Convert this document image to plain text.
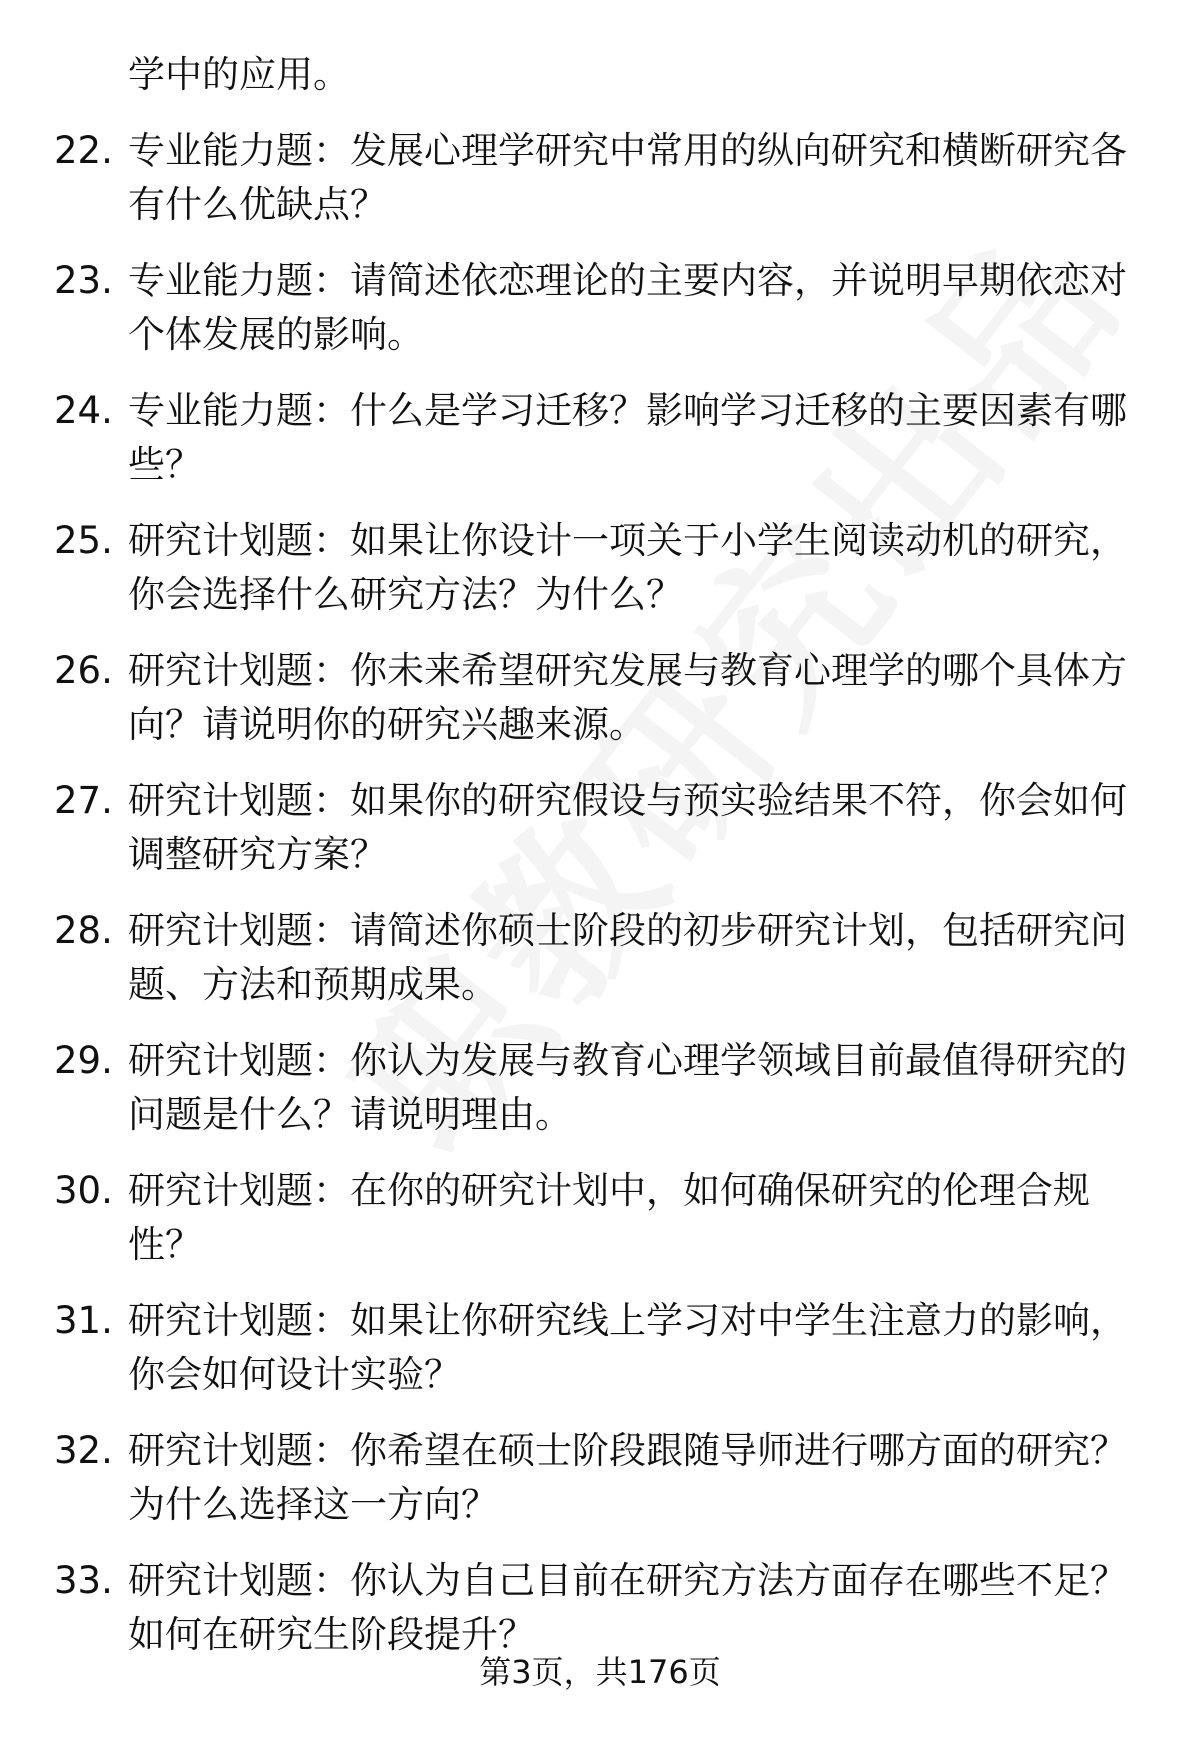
学中的应用。
22. 专业能力题：发展心理学研究中常用的纵向研究和横断研究各有什么优缺点？
23. 专业能力题：请简述依恋理论的主要内容，并说明早期依恋对个体发展的影响。
24. 专业能力题：什么是学习迁移？影响学习迁移的主要因素有哪些？
25. 研究计划题：如果让你设计一项关于小学生阅读动机的研究，你会选择什么研究方法？为什么？
26. 研究计划题：你未来希望研究发展与教育心理学的哪个具体方向？请说明你的研究兴趣来源。
27. 研究计划题：如果你的研究假设与预实验结果不符，你会如何调整研究方案？
28. 研究计划题：请简述你硕士阶段的初步研究计划，包括研究问题、方法和预期成果。
29. 研究计划题：你认为发展与教育心理学领域目前最值得研究的问题是什么？请说明理由。
30. 研究计划题：在你的研究计划中，如何确保研究的伦理合规性？
31. 研究计划题：如果让你研究线上学习对中学生注意力的影响，你会如何设计实验？
32. 研究计划题：你希望在硕士阶段跟随导师进行哪方面的研究？为什么选择这一方向？
33. 研究计划题：你认为自己目前在研究方法方面存在哪些不足？如何在研究生阶段提升？
第3页，共176页
